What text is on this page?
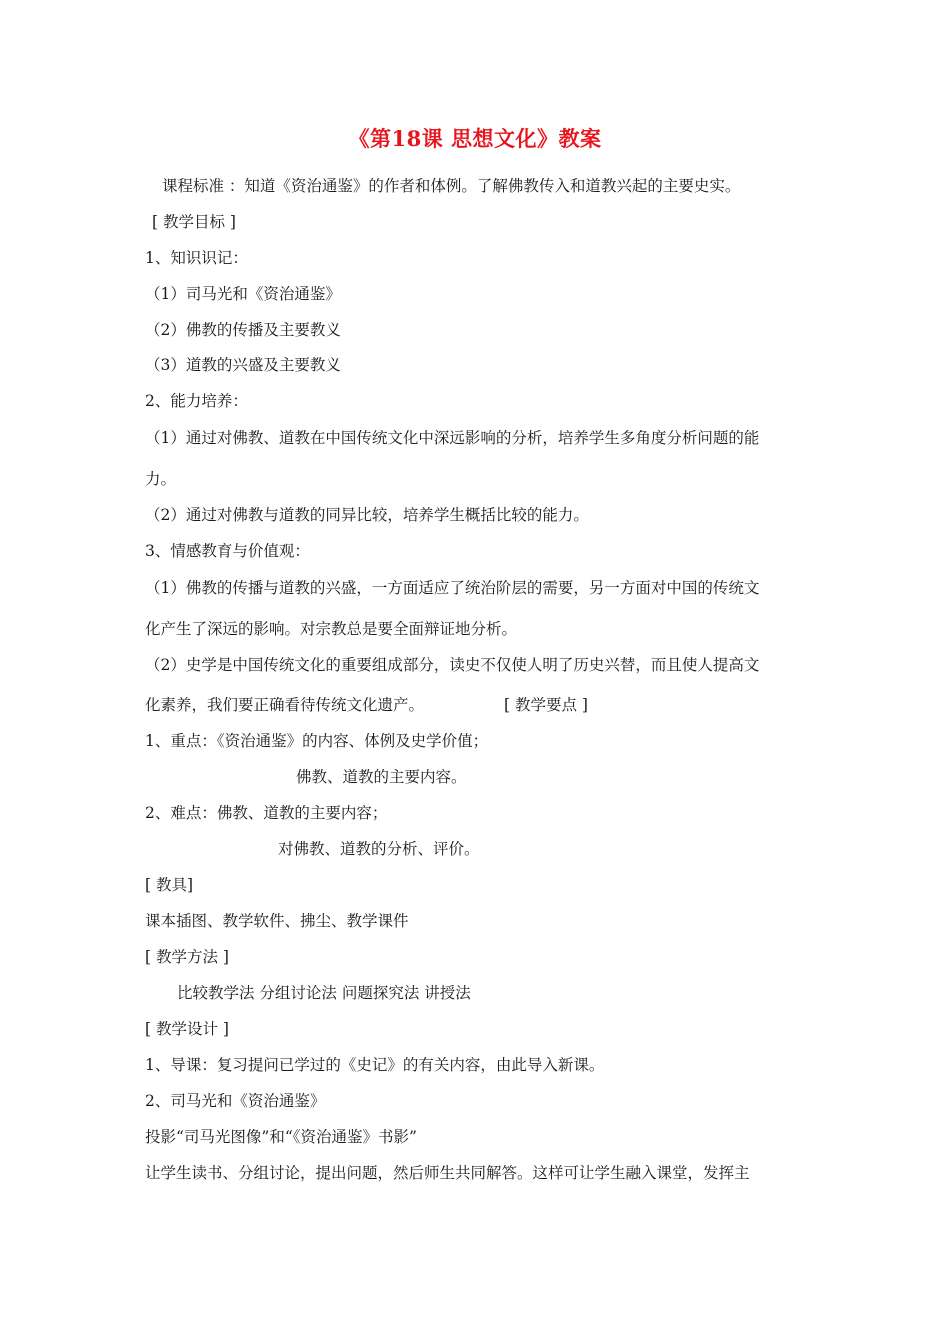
《第18课 思想文化》教案
课程标准 ：知道《资治通鉴》的作者和体例。了解佛教传入和道教兴起的主要史实。
[ 教学目标 ]
1、知识识记：
（1）司马光和《资治通鉴》
（2）佛教的传播及主要教义
（3）道教的兴盛及主要教义
2、能力培养：
（1）通过对佛教、道教在中国传统文化中深远影响的分析，培养学生多角度分析问题的能
力。
（2）通过对佛教与道教的同异比较，培养学生概括比较的能力。
3、情感教育与价值观：
（1）佛教的传播与道教的兴盛，一方面适应了统治阶层的需要，另一方面对中国的传统文
化产生了深远的影响。对宗教总是要全面辩证地分析。
（2）史学是中国传统文化的重要组成部分，读史不仅使人明了历史兴替，而且使人提高文
化素养，我们要正确看待传统文化遗产。	[ 教学要点 ]
1、重点：《资治通鉴》的内容、体例及史学价值；
佛教、道教的主要内容。
2、难点：佛教、道教的主要内容；
对佛教、道教的分析、评价。
[ 教具]
课本插图、教学软件、拂尘、教学课件
[ 教学方法 ]
比较教学法 分组讨论法 问题探究法 讲授法
[ 教学设计 ]
1、导课：复习提问已学过的《史记》的有关内容，由此导入新课。
2、司马光和《资治通鉴》
投影“司马光图像”和“《资治通鉴》书影”
让学生读书、分组讨论，提出问题，然后师生共同解答。这样可让学生融入课堂，发挥主
